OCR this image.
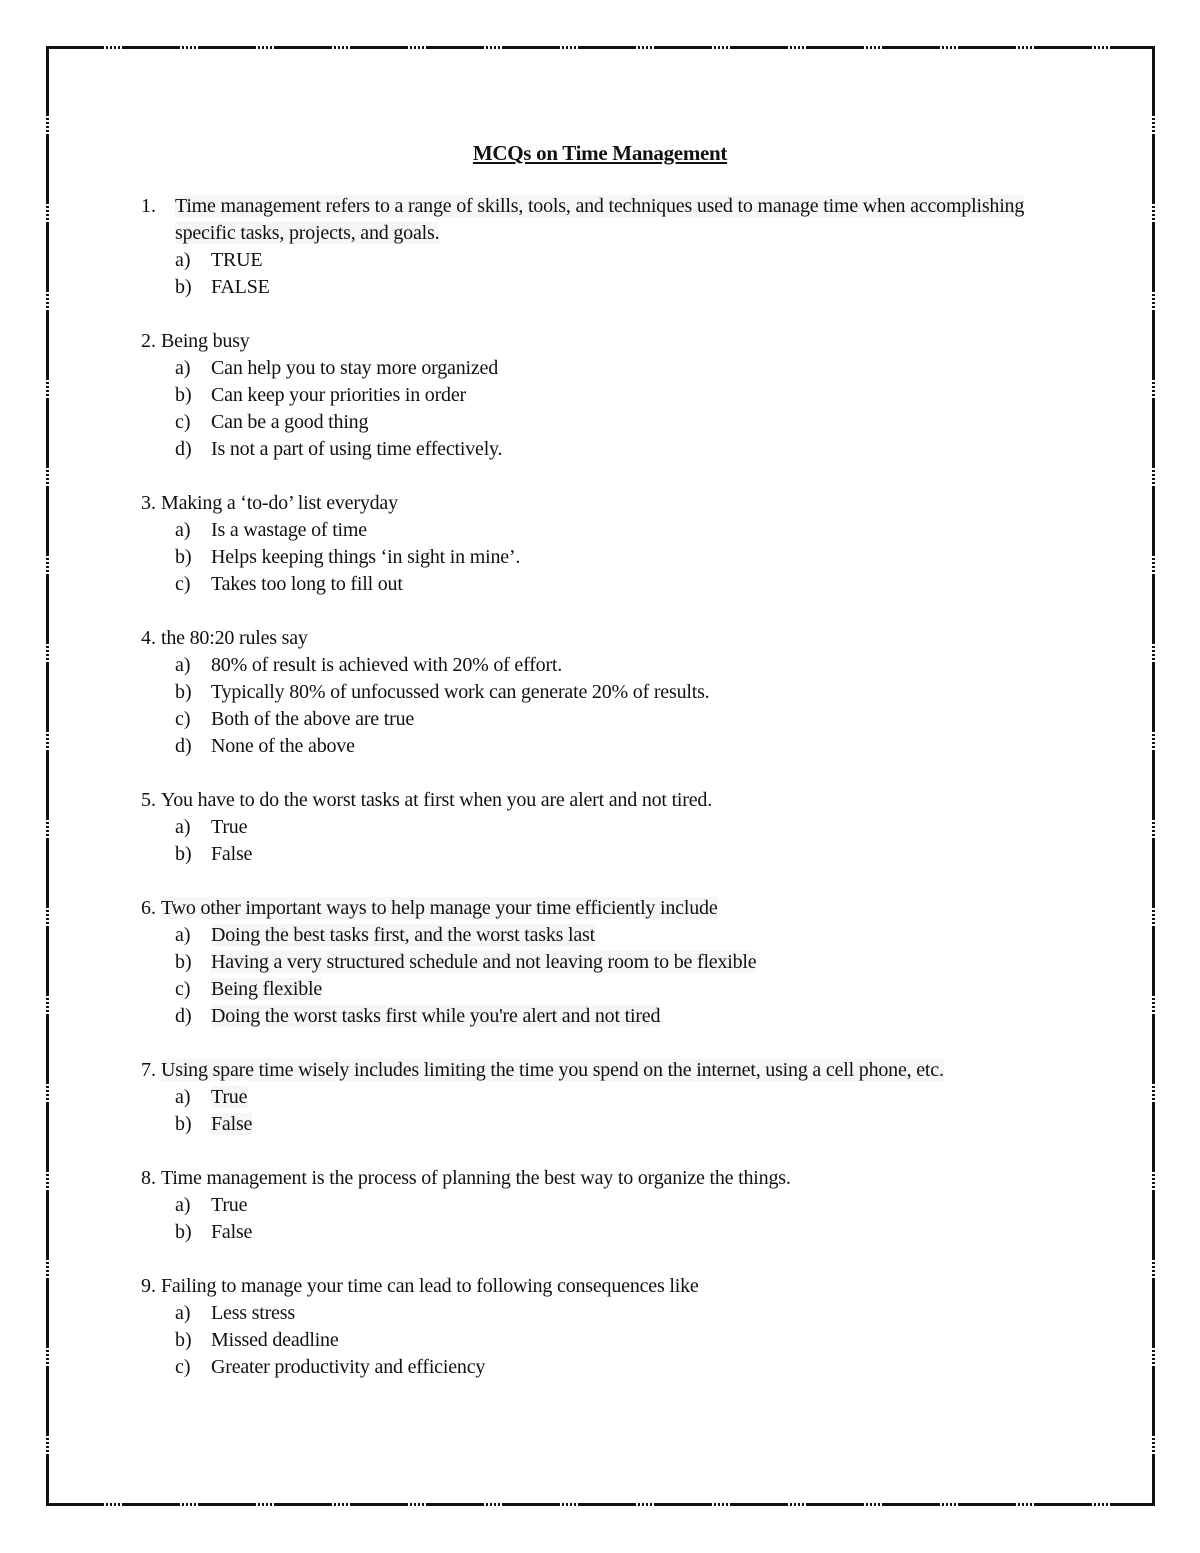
MCQs on Time Management
1. Time management refers to a range of skills, tools, and techniques used to manage time when accomplishing specific tasks, projects, and goals.
a) TRUE
b) FALSE
2. Being busy
a) Can help you to stay more organized
b) Can keep your priorities in order
c) Can be a good thing
d) Is not a part of using time effectively.
3. Making a ‘to-do’ list everyday
a) Is a wastage of time
b) Helps keeping things ‘in sight in mine’.
c) Takes too long to fill out
4. the 80:20 rules say
a) 80% of result is achieved with 20% of effort.
b) Typically 80% of unfocussed work can generate 20% of results.
c) Both of the above are true
d) None of the above
5. You have to do the worst tasks at first when you are alert and not tired.
a) True
b) False
6. Two other important ways to help manage your time efficiently include
a) Doing the best tasks first, and the worst tasks last
b) Having a very structured schedule and not leaving room to be flexible
c) Being flexible
d) Doing the worst tasks first while you're alert and not tired
7. Using spare time wisely includes limiting the time you spend on the internet, using a cell phone, etc.
a) True
b) False
8. Time management is the process of planning the best way to organize the things.
a) True
b) False
9. Failing to manage your time can lead to following consequences like
a) Less stress
b) Missed deadline
c) Greater productivity and efficiency
